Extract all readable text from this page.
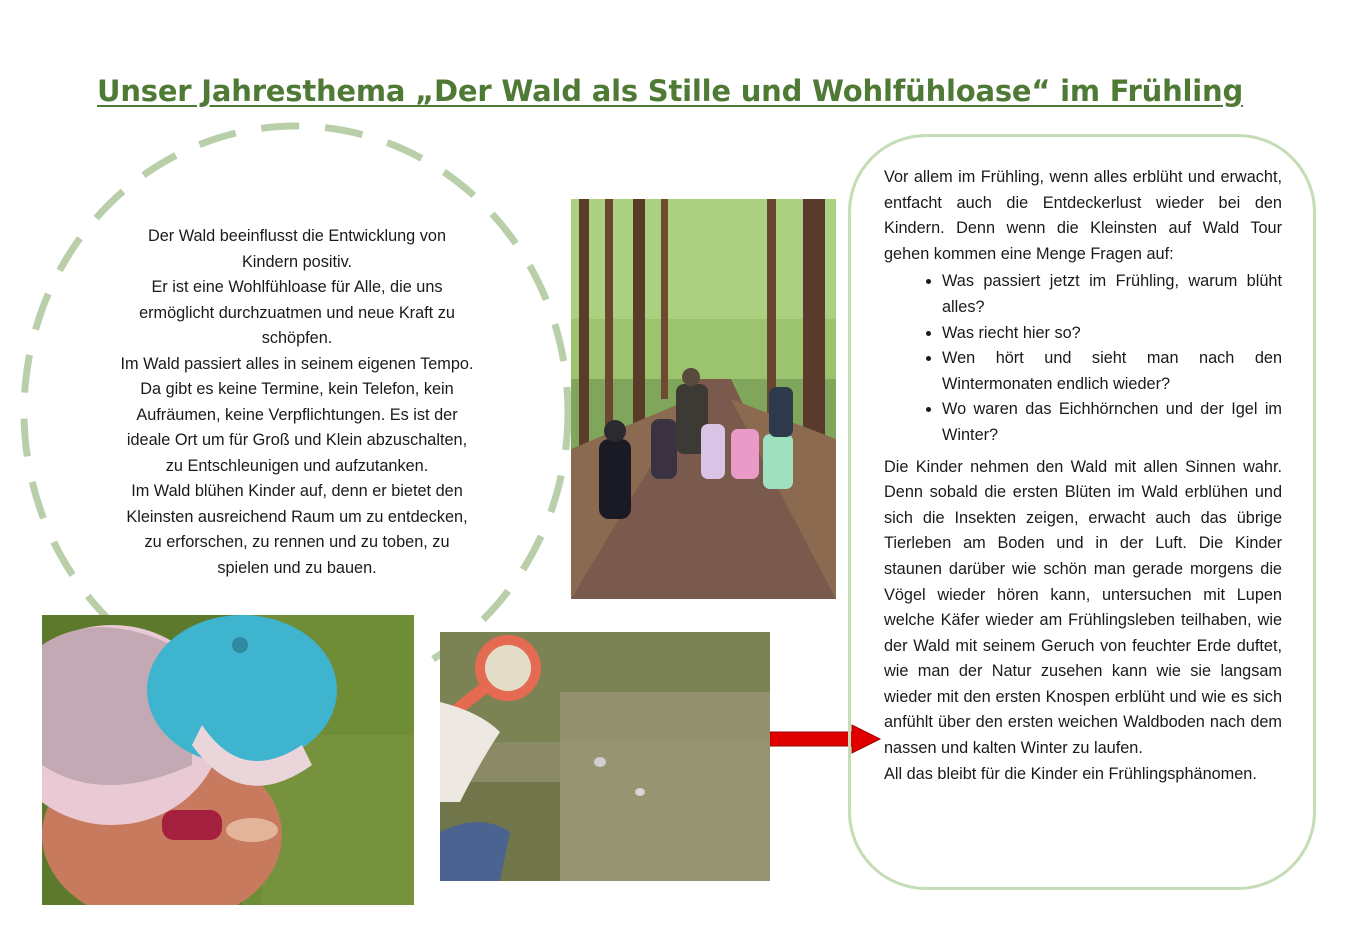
Unser Jahresthema „Der Wald als Stille und Wohlfühloase“ im Frühling

Der Wald beeinflusst die Entwicklung von Kindern positiv.

Er ist eine Wohlfühloase für Alle, die uns ermöglicht durchzuatmen und neue Kraft zu schöpfen.

Im Wald passiert alles in seinem eigenen Tempo. Da gibt es keine Termine, kein Telefon, kein Aufräumen, keine Verpflichtungen. Es ist der ideale Ort um für Groß und Klein abzuschalten, zu Entschleunigen und aufzutanken.

Im Wald blühen Kinder auf, denn er bietet den Kleinsten ausreichend Raum um zu entdecken, zu erforschen, zu rennen und zu toben, zu spielen und zu bauen.

Vor allem im Frühling, wenn alles erblüht und erwacht, entfacht auch die Entdeckerlust wieder bei den Kindern. Denn wenn die Kleinsten auf Wald Tour gehen kommen eine Menge Fragen auf:

• Was passiert jetzt im Frühling, warum blüht alles?
• Was riecht hier so?
• Wen hört und sieht man nach den Wintermonaten endlich wieder?
• Wo waren das Eichhörnchen und der Igel im Winter?

Die Kinder nehmen den Wald mit allen Sinnen wahr. Denn sobald die ersten Blüten im Wald erblühen und sich die Insekten zeigen, erwacht auch das übrige Tierleben am Boden und in der Luft. Die Kinder staunen darüber wie schön man gerade morgens die Vögel wieder hören kann, untersuchen mit Lupen welche Käfer wieder am Frühlingsleben teilhaben, wie der Wald mit seinem Geruch von feuchter Erde duftet, wie man der Natur zusehen kann wie sie langsam wieder mit den ersten Knospen erblüht und wie es sich anfühlt über den ersten weichen Waldboden nach dem nassen und kalten Winter zu laufen.

All das bleibt für die Kinder ein Frühlingsphänomen.
